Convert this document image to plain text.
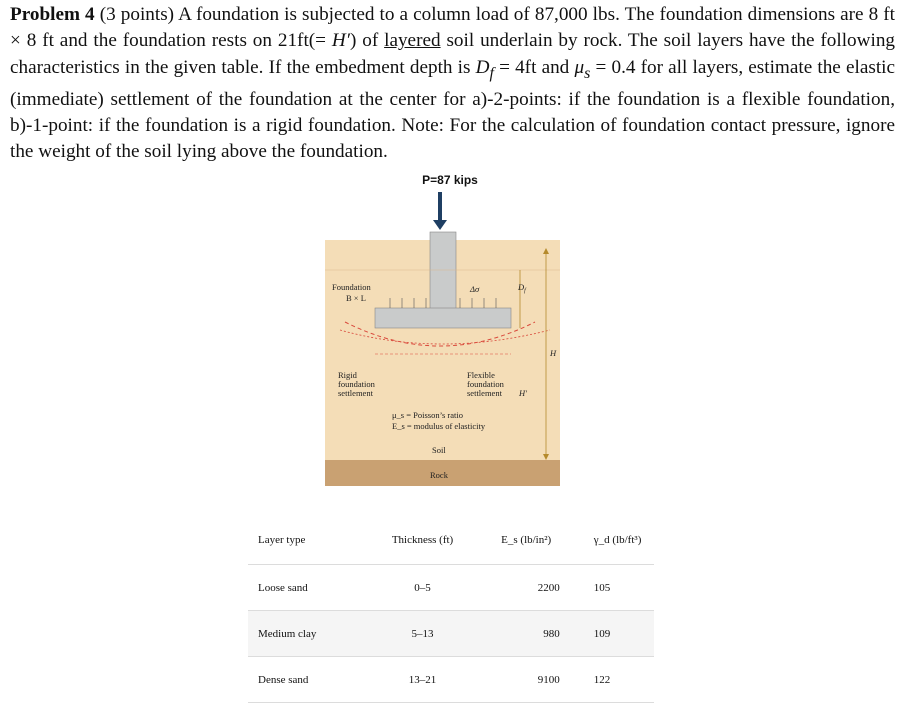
Problem 4 (3 points) A foundation is subjected to a column load of 87,000 lbs. The foundation dimensions are 8 ft × 8 ft and the foundation rests on 21ft(= H′) of layered soil underlain by rock. The soil layers have the following characteristics in the given table. If the embedment depth is $D_f = 4ft$ and $\mu_s = 0.4$ for all layers, estimate the elastic (immediate) settlement of the foundation at the center for a)-2-points: if the foundation is a flexible foundation, b)-1-point: if the foundation is a rigid foundation. Note: For the calculation of foundation contact pressure, ignore the weight of the soil lying above the foundation.

P=87 kips
Foundation
B × L
Δσ	$D_f$
H
H′
Rigid
foundation
settlement
Flexible
foundation
settlement
μ_s = Poisson’s ratio
E_s = modulus of elasticity
Soil
Rock
Layer type	Thickness (ft)	E_s (lb/in²)	γ_d (lb/ft³)
Loose sand	0–5	2200	105
Medium clay	5–13	980	109
Dense sand	13–21	9100	122
